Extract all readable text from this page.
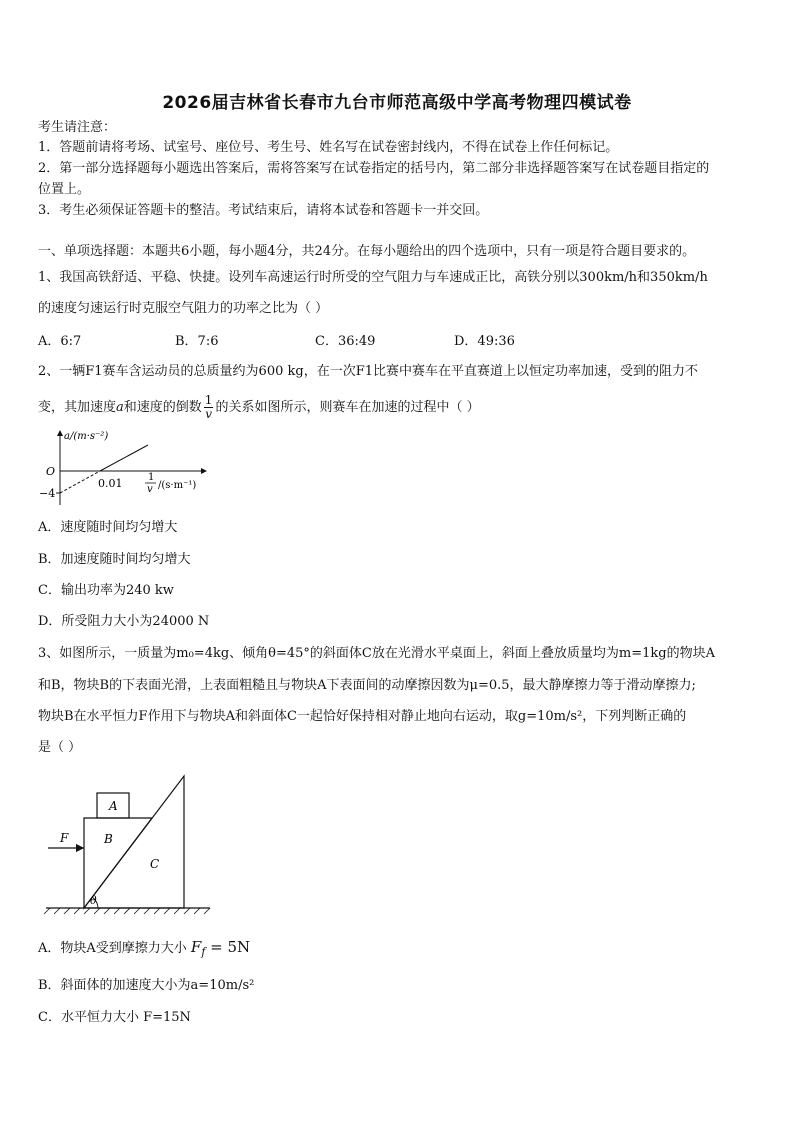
2026届吉林省长春市九台市师范高级中学高考物理四模试卷
考生请注意：
1．答题前请将考场、试室号、座位号、考生号、姓名写在试卷密封线内，不得在试卷上作任何标记。
2．第一部分选择题每小题选出答案后，需将答案写在试卷指定的括号内，第二部分非选择题答案写在试卷题目指定的
位置上。
3．考生必须保证答题卡的整洁。考试结束后，请将本试卷和答题卡一并交回。
一、单项选择题：本题共6小题，每小题4分，共24分。在每小题给出的四个选项中，只有一项是符合题目要求的。
1、我国高铁舒适、平稳、快捷。设列车高速运行时所受的空气阻力与车速成正比，高铁分别以300km/h和350km/h
的速度匀速运行时克服空气阻力的功率之比为（ ）
A．6:7	B．7:6	C．36:49	D．49:36
2、一辆F1赛车含运动员的总质量约为600 kg，在一次F1比赛中赛车在平直赛道上以恒定功率加速，受到的阻力不
变，其加速度a和速度的倒数 $\frac{1}{v}$ 的关系如图所示，则赛车在加速的过程中（ ）
a/(m·s⁻²)
O
−4
0.01	1
v /(s·m⁻¹)
A．速度随时间均匀增大
B．加速度随时间均匀增大
C．输出功率为240 kw
D．所受阻力大小为24000 N
3、如图所示，一质量为m₀=4kg、倾角θ=45°的斜面体C放在光滑水平桌面上，斜面上叠放质量均为m=1kg的物块A
和B，物块B的下表面光滑，上表面粗糙且与物块A下表面间的动摩擦因数为μ=0.5，最大静摩擦力等于滑动摩擦力;
物块B在水平恒力F作用下与物块A和斜面体C一起恰好保持相对静止地向右运动，取g=10m/s²，下列判断正确的
是（ ）
A
B
C
F
θ
A．物块A受到摩擦力大小 $F_f = 5N$
B．斜面体的加速度大小为a=10m/s²
C．水平恒力大小 F=15N
